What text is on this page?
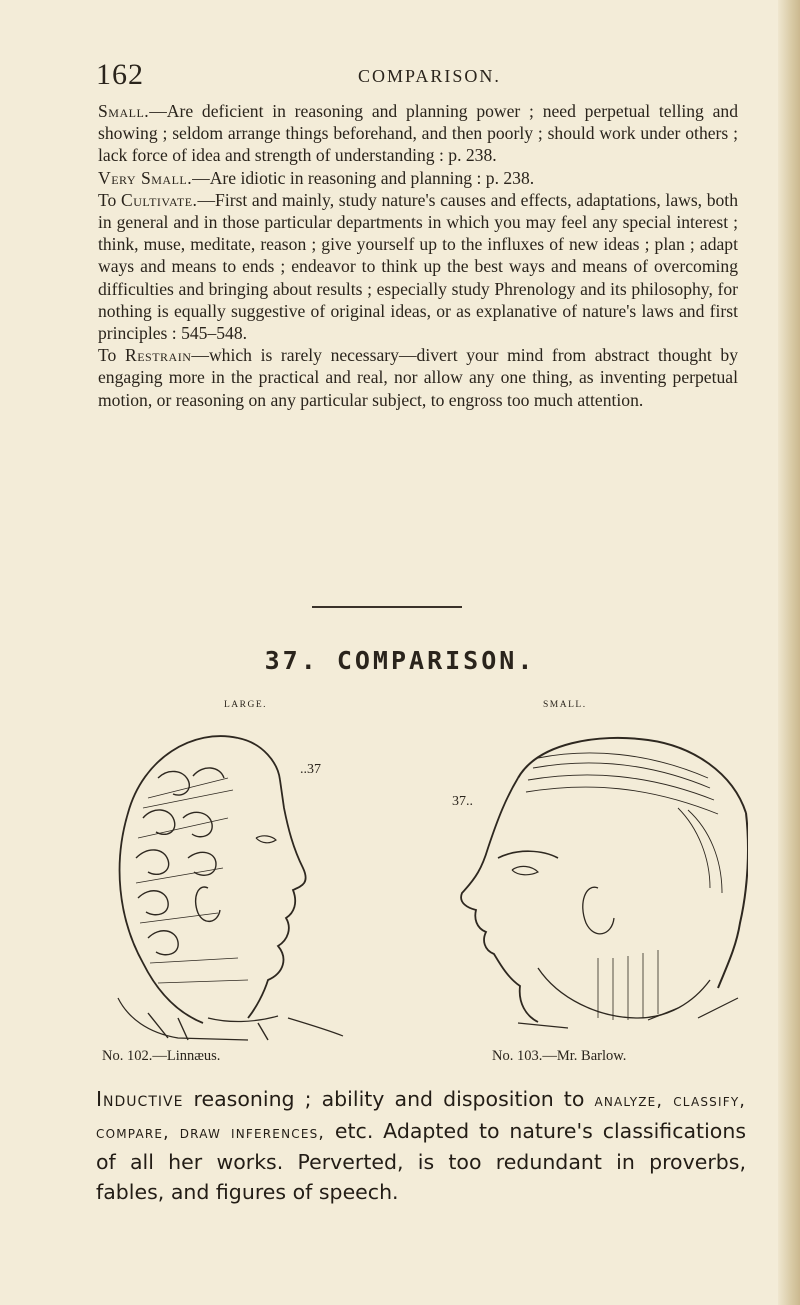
162	COMPARISON.

Small.—Are deficient in reasoning and planning power ; need perpetual telling and showing ; seldom arrange things beforehand, and then poorly ; should work under others ; lack force of idea and strength of understanding : p. 238.

Very Small.—Are idiotic in reasoning and planning : p. 238.

To Cultivate.—First and mainly, study nature's causes and effects, adaptations, laws, both in general and in those particular departments in which you may feel any special interest ; think, muse, meditate, reason ; give yourself up to the influxes of new ideas ; plan ; adapt ways and means to ends ; endeavor to think up the best ways and means of overcoming difficulties and bringing about results ; especially study Phrenology and its philosophy, for nothing is equally suggestive of original ideas, or as explanative of nature's laws and first principles : 545–548.

To Restrain—which is rarely necessary—divert your mind from abstract thought by engaging more in the practical and real, nor allow any one thing, as inventing perpetual motion, or reasoning on any particular subject, to engross too much attention.

37. COMPARISON.
LARGE.	SMALL.
..37
37..
No. 102.—Linnæus.	No. 103.—Mr. Barlow.

Inductive reasoning ; ability and disposition to analyze, classify, compare, draw inferences, etc. Adapted to nature's classifications of all her works. Perverted, is too redundant in proverbs, fables, and figures of speech.
